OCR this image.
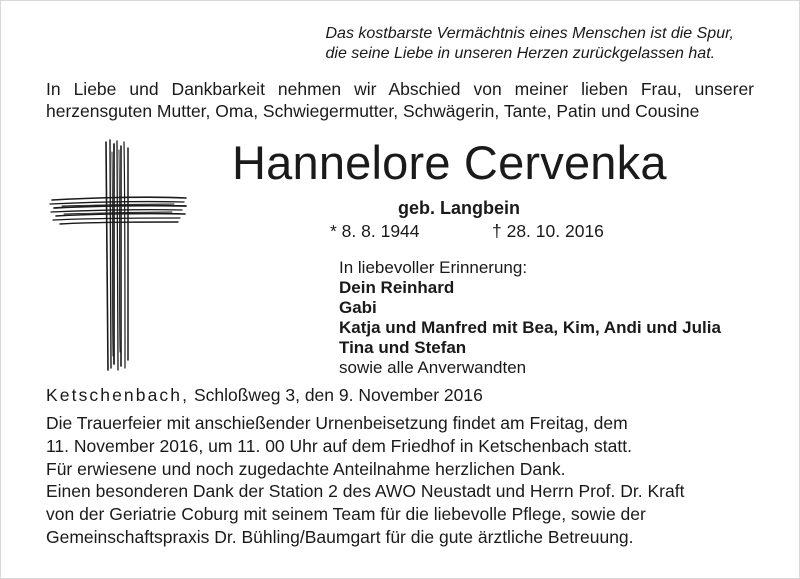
Das kostbarste Vermächtnis eines Menschen ist die Spur,
die seine Liebe in unseren Herzen zurückgelassen hat.
In Liebe und Dankbarkeit nehmen wir Abschied von meiner lieben Frau, unserer
herzensguten Mutter, Oma, Schwiegermutter, Schwägerin, Tante, Patin und Cousine
Hannelore Cervenka
geb. Langbein
* 8. 8. 1944	† 28. 10. 2016
In liebevoller Erinnerung:
Dein Reinhard
Gabi
Katja und Manfred mit Bea, Kim, Andi und Julia
Tina und Stefan
sowie alle Anverwandten
Ketschenbach, Schloßweg 3, den 9. November 2016
Die Trauerfeier mit anschießender Urnenbeisetzung findet am Freitag, dem
11. November 2016, um 11. 00 Uhr auf dem Friedhof in Ketschenbach statt.
Für erwiesene und noch zugedachte Anteilnahme herzlichen Dank.
Einen besonderen Dank der Station 2 des AWO Neustadt und Herrn Prof. Dr. Kraft
von der Geriatrie Coburg mit seinem Team für die liebevolle Pflege, sowie der
Gemeinschaftspraxis Dr. Bühling/Baumgart für die gute ärztliche Betreuung.
